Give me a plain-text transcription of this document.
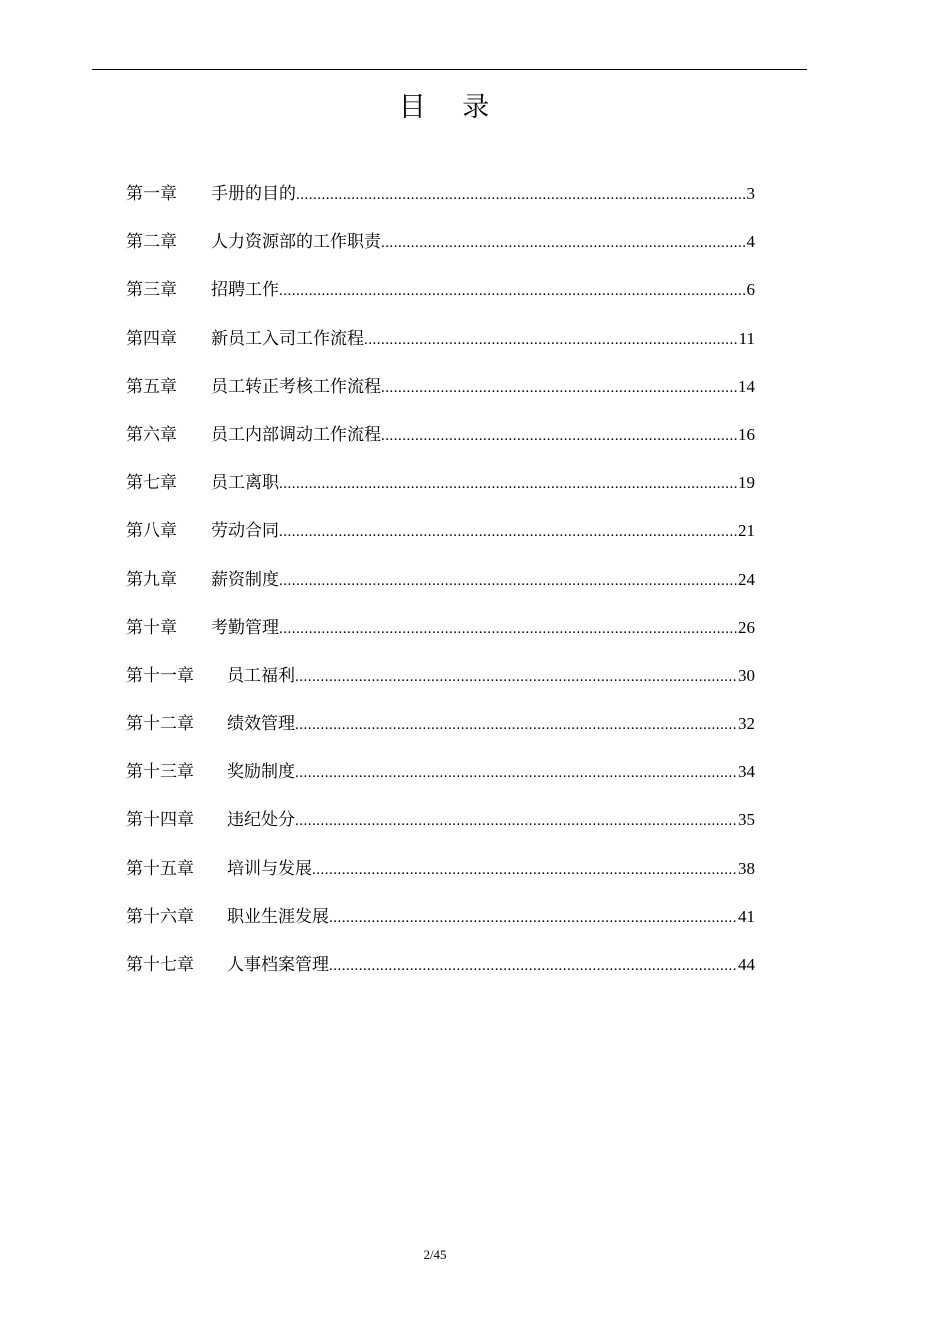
目 录
第一章	手册的目的 .....	3
第二章	人力资源部的工作职责 .....	4
第三章	招聘工作 .....	6
第四章	新员工入司工作流程 .....	11
第五章	员工转正考核工作流程 .....	14
第六章	员工内部调动工作流程 .....	16
第七章	员工离职 .....	19
第八章	劳动合同 .....	21
第九章	薪资制度 .....	24
第十章	考勤管理 .....	26
第十一章	员工福利 .....	30
第十二章	绩效管理 .....	32
第十三章	奖励制度 .....	34
第十四章	违纪处分 .....	35
第十五章	培训与发展 .....	38
第十六章	职业生涯发展 .....	41
第十七章	人事档案管理 .....	44
2/45
